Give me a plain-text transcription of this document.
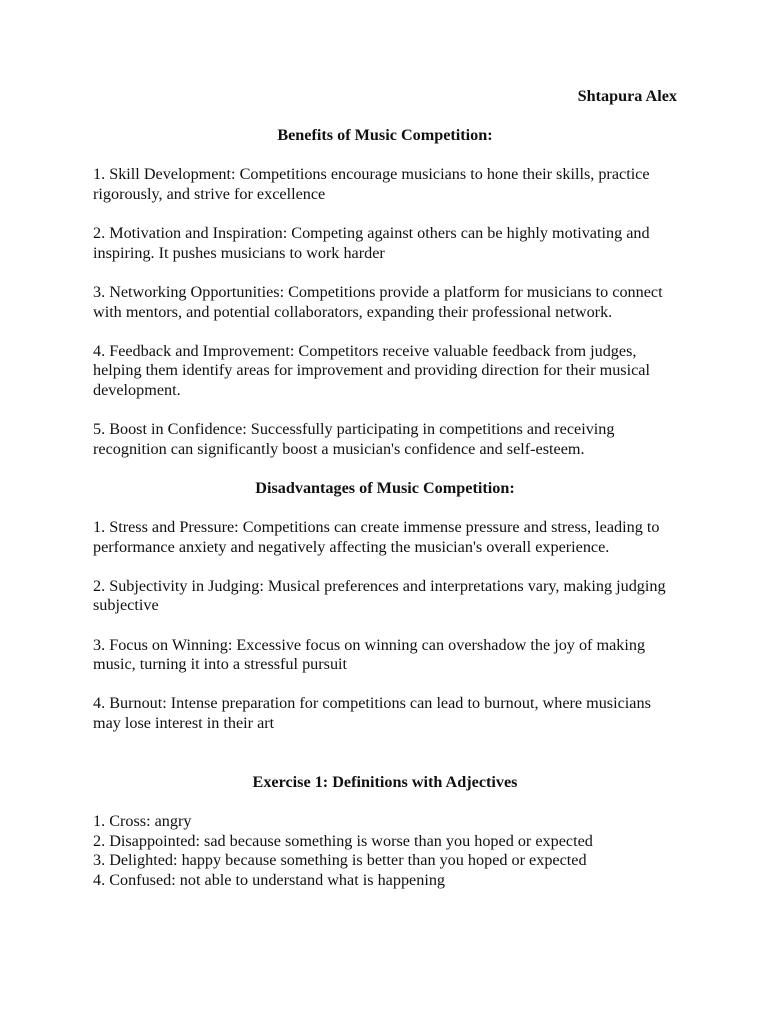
Shtapura Alex
Benefits of Music Competition:
1. Skill Development: Competitions encourage musicians to hone their skills, practice rigorously, and strive for excellence
2. Motivation and Inspiration: Competing against others can be highly motivating and inspiring. It pushes musicians to work harder
3. Networking Opportunities: Competitions provide a platform for musicians to connect with mentors, and potential collaborators, expanding their professional network.
4. Feedback and Improvement: Competitors receive valuable feedback from judges, helping them identify areas for improvement and providing direction for their musical development.
5. Boost in Confidence: Successfully participating in competitions and receiving recognition can significantly boost a musician's confidence and self-esteem.
Disadvantages of Music Competition:
1. Stress and Pressure: Competitions can create immense pressure and stress, leading to performance anxiety and negatively affecting the musician's overall experience.
2. Subjectivity in Judging: Musical preferences and interpretations vary, making judging subjective
3. Focus on Winning: Excessive focus on winning can overshadow the joy of making music, turning it into a stressful pursuit
4. Burnout: Intense preparation for competitions can lead to burnout, where musicians may lose interest in their art
Exercise 1: Definitions with Adjectives
1. Cross: angry
2. Disappointed: sad because something is worse than you hoped or expected
3. Delighted: happy because something is better than you hoped or expected
4. Confused: not able to understand what is happening
